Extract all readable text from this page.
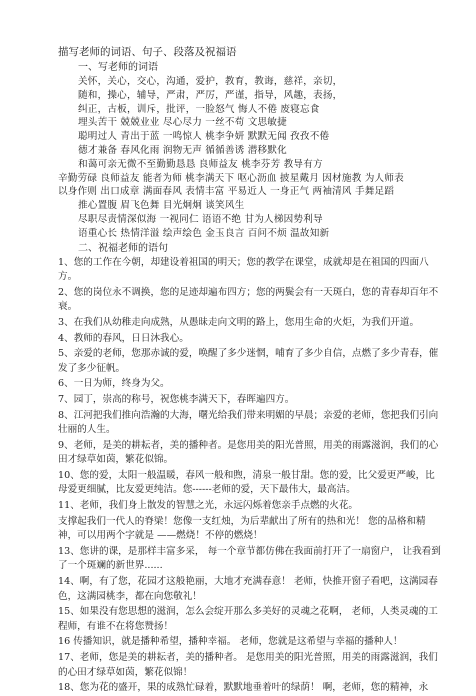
描写老师的词语、句子、段落及祝福语
一、写老师的词语
关怀，关心，交心，沟通，爱护，教育，教诲，慈祥，亲切，
随和，操心，辅导，严肃，严厉，严谨，指导，风趣，表扬，
纠正，古板，训斥，批评，一脸怒气 悔人不倦 废寝忘食
埋头苦干 兢兢业业 尽心尽力 一丝不苟 文思敏捷
聪明过人 青出于蓝 一鸣惊人 桃李争妍 默默无闻 孜孜不倦
德才兼备 春风化雨 润物无声 循循善诱 潜移默化
和蔼可亲无微不至勤勤恳恳 良师益友 桃李芬芳 教导有方
辛勤劳碌 良师益友 能者为师 桃李满天下 呕心沥血 披星戴月 因材施教 为人师表
以身作则 出口成章 满面春风 表情丰富 平易近人 一身正气 两袖清风 手舞足蹈
推心置腹 眉飞色舞 目光炯炯 谈笑风生
尽职尽责情深似海 一视同仁 语语不绝 甘为人梯因势利导
语重心长 热情洋溢 绘声绘色 金玉良言 百问不烦 温故知新
二、祝福老师的语句

1、您的工作在今朝，却建设着祖国的明天；您的教学在课堂，成就却是在祖国的四面八方。

2、您的岗位永不调换，您的足迹却遍布四方；您的两鬓会有一天斑白，您的青春却百年不衰。

3、在我们从幼稚走向成熟，从愚昧走向文明的路上，您用生命的火炬，为我们开道。

4、教师的春风，日日沐我心。

5、亲爱的老师，您那赤诚的爱，唤醒了多少迷惘，哺育了多少自信，点燃了多少青春，催发了多少征帆。

6、一日为师，终身为父。

7、园丁，崇高的称号，祝您桃李满天下，春晖遍四方。

8、江河把我们推向浩瀚的大海，曙光给我们带来明媚的早晨；亲爱的老师，您把我们引向壮丽的人生。

9、老师，是美的耕耘者，美的播种者。是您用美的阳光普照，用美的雨露滋润，我们的心田才绿草如茵，繁花似锦。

10、您的爱，太阳一般温暖，春风一般和煦，清泉一般甘甜。您的爱，比父爱更严峻，比母爱更细腻，比友爱更纯洁。您------老师的爱，天下最伟大，最高洁。

11、老师，我们身上散发的智慧之光，永远闪烁着您亲手点燃的火花。

支撑起我们一代人的脊梁！您像一支红烛，为后辈献出了所有的热和光！ 您的品格和精神，可以用两个字就是 ——燃烧！不停的燃烧！

13、您讲的课，是那样丰富多采， 每一个章节都仿佛在我面前打开了一扇窗户， 让我看到了一个斑斓的新世界......

14、啊，有了您，花园才这般艳丽，大地才充满春意！ 老师，快推开窗子看吧，这满园春色，这满园桃李，都在向您敬礼！

15、如果没有您思想的滋润，怎么会绽开那么多美好的灵魂之花啊， 老师，人类灵魂的工程师，有谁不在将您赞扬！

16 传播知识，就是播种希望，播种幸福。 老师，您就是这希望与幸福的播种人！

17、老师，您是美的耕耘者，美的播种者。 是您用美的阳光普照，用美的雨露滋润，我们的心田才绿草如茵，繁花似锦！

18、您为花的盛开，果的成熟忙碌着，默默地垂着叶的绿荫！ 啊，老师，您的精神，永
